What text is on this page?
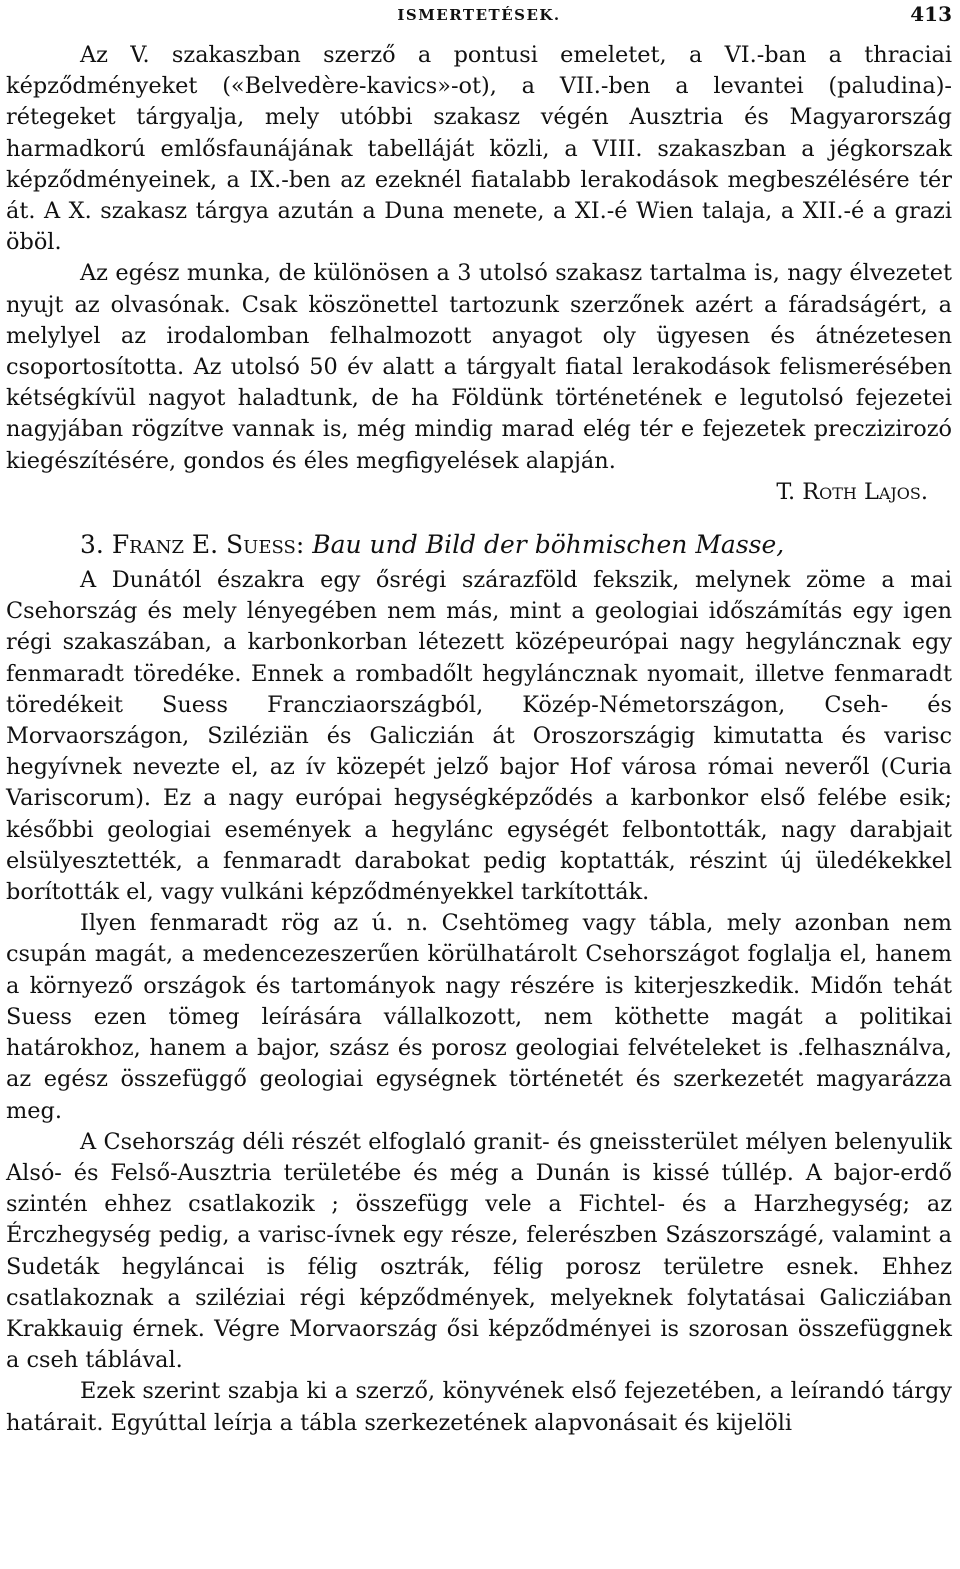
ISMERTETÉSEK.	413

Az V. szakaszban szerző a pontusi emeletet, a VI.-ban a thraciai képződményeket («Belvedère-kavics»-ot), a VII.-ben a levantei (paludina)-rétegeket tárgyalja, mely utóbbi szakasz végén Ausztria és Magyarország harmadkorú emlősfaunájának tabelláját közli, a VIII. szakaszban a jégkorszak képződményeinek, a IX.-ben az ezeknél fiatalabb lerakodások megbeszélésére tér át. A X. szakasz tárgya azután a Duna menete, a XI.-é Wien talaja, a XII.-é a grazi öböl.

Az egész munka, de különösen a 3 utolsó szakasz tartalma is, nagy élvezetet nyujt az olvasónak. Csak köszönettel tartozunk szerzőnek azért a fáradságért, a melylyel az irodalomban felhalmozott anyagot oly ügyesen és átnézetesen csoportosította. Az utolsó 50 év alatt a tárgyalt fiatal lerakodások felismerésében kétségkívül nagyot haladtunk, de ha Földünk történetének e legutolsó fejezetei nagyjában rögzítve vannak is, még mindig marad elég tér e fejezetek preczizirozó kiegészítésére, gondos és éles megfigyelések alapján.

T. Roth Lajos.

3. Franz E. Suess: Bau und Bild der böhmischen Masse,

A Dunától északra egy ősrégi szárazföld fekszik, melynek zöme a mai Csehország és mely lényegében nem más, mint a geologiai időszámítás egy igen régi szakaszában, a karbonkorban létezett középeurópai nagy hegyláncznak egy fenmaradt töredéke. Ennek a rombadőlt hegyláncznak nyomait, illetve fenmaradt töredékeit Suess Francziaországból, Közép-Németországon, Cseh- és Morvaországon, Sziléziän és Galiczián át Oroszországig kimutatta és varisc hegyívnek nevezte el, az ív közepét jelző bajor Hof városa római neveről (Curia Variscorum). Ez a nagy európai hegységképződés a karbonkor első felébe esik; későbbi geologiai események a hegylánc egységét felbontották, nagy darabjait elsülyesztették, a fenmaradt darabokat pedig koptatták, részint új üledékekkel borították el, vagy vulkáni képződményekkel tarkították.

Ilyen fenmaradt rög az ú. n. Csehtömeg vagy tábla, mely azonban nem csupán magát, a medencezeszerűen körülhatárolt Csehországot foglalja el, hanem a környező országok és tartományok nagy részére is kiterjeszkedik. Midőn tehát Suess ezen tömeg leírására vállalkozott, nem köthette magát a politikai határokhoz, hanem a bajor, szász és porosz geologiai felvételeket is .felhasználva, az egész összefüggő geologiai egységnek történetét és szerkezetét magyarázza meg.

A Csehország déli részét elfoglaló granit- és gneissterület mélyen belenyulik Alsó- és Felső-Ausztria területébe és még a Dunán is kissé túllép. A bajor-erdő szintén ehhez csatlakozik ; összefügg vele a Fichtel- és a Harzhegység; az Érczhegység pedig, a varisc-ívnek egy része, felerészben Szászországé, valamint a Sudeták hegyláncai is félig osztrák, félig porosz területre esnek. Ehhez csatlakoznak a sziléziai régi képződmények, melyeknek folytatásai Galicziában Krakkauig érnek. Végre Morvaország ősi képződményei is szorosan összefüggnek a cseh táblával.

Ezek szerint szabja ki a szerző, könyvének első fejezetében, a leírandó tárgy határait. Egyúttal leírja a tábla szerkezetének alapvonásait és kijelöli
